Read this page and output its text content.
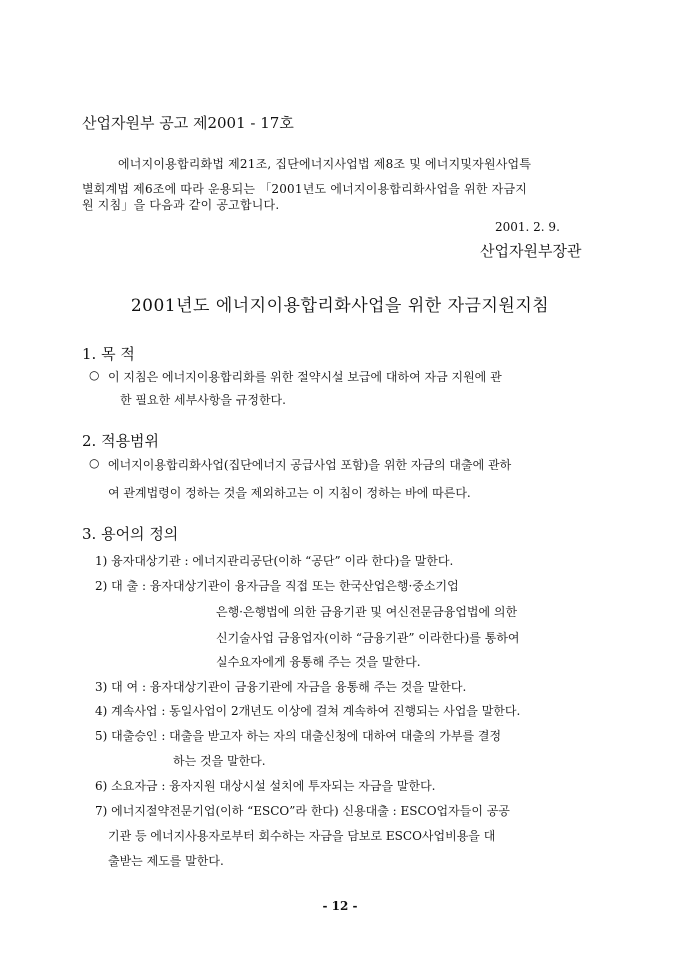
산업자원부 공고 제2001 - 17호
에너지이용합리화법 제21조, 집단에너지사업법 제8조 및 에너지및자원사업특
별회계법 제6조에 따라 운용되는 「2001년도 에너지이용합리화사업을 위한 자금지
원 지침」을 다음과 같이 공고합니다.
2001. 2. 9.
산업자원부장관
2001년도 에너지이용합리화사업을 위한 자금지원지침
1. 목 적
○ 이 지침은 에너지이용합리화를 위한 절약시설 보급에 대하여 자금 지원에 관
한 필요한 세부사항을 규정한다.
2. 적용범위
○ 에너지이용합리화사업(집단에너지 공급사업 포함)을 위한 자금의 대출에 관하
여 관계법령이 정하는 것을 제외하고는 이 지침이 정하는 바에 따른다.
3. 용어의 정의
1) 융자대상기관 : 에너지관리공단(이하 “공단” 이라 한다)을 말한다.
2) 대 출 : 융자대상기관이 융자금을 직접 또는 한국산업은행·중소기업
은행·은행법에 의한 금융기관 및 여신전문금융업법에 의한
신기술사업 금융업자(이하 “금융기관” 이라한다)를 통하여
실수요자에게 융통해 주는 것을 말한다.
3) 대 여 : 융자대상기관이 금융기관에 자금을 융통해 주는 것을 말한다.
4) 계속사업 : 동일사업이 2개년도 이상에 걸쳐 계속하여 진행되는 사업을 말한다.
5) 대출승인 : 대출을 받고자 하는 자의 대출신청에 대하여 대출의 가부를 결정
하는 것을 말한다.
6) 소요자금 : 융자지원 대상시설 설치에 투자되는 자금을 말한다.
7) 에너지절약전문기업(이하 “ESCO”라 한다) 신용대출 : ESCO업자들이 공공
기관 등 에너지사용자로부터 회수하는 자금을 담보로 ESCO사업비용을 대
출받는 제도를 말한다.
- 12 -
